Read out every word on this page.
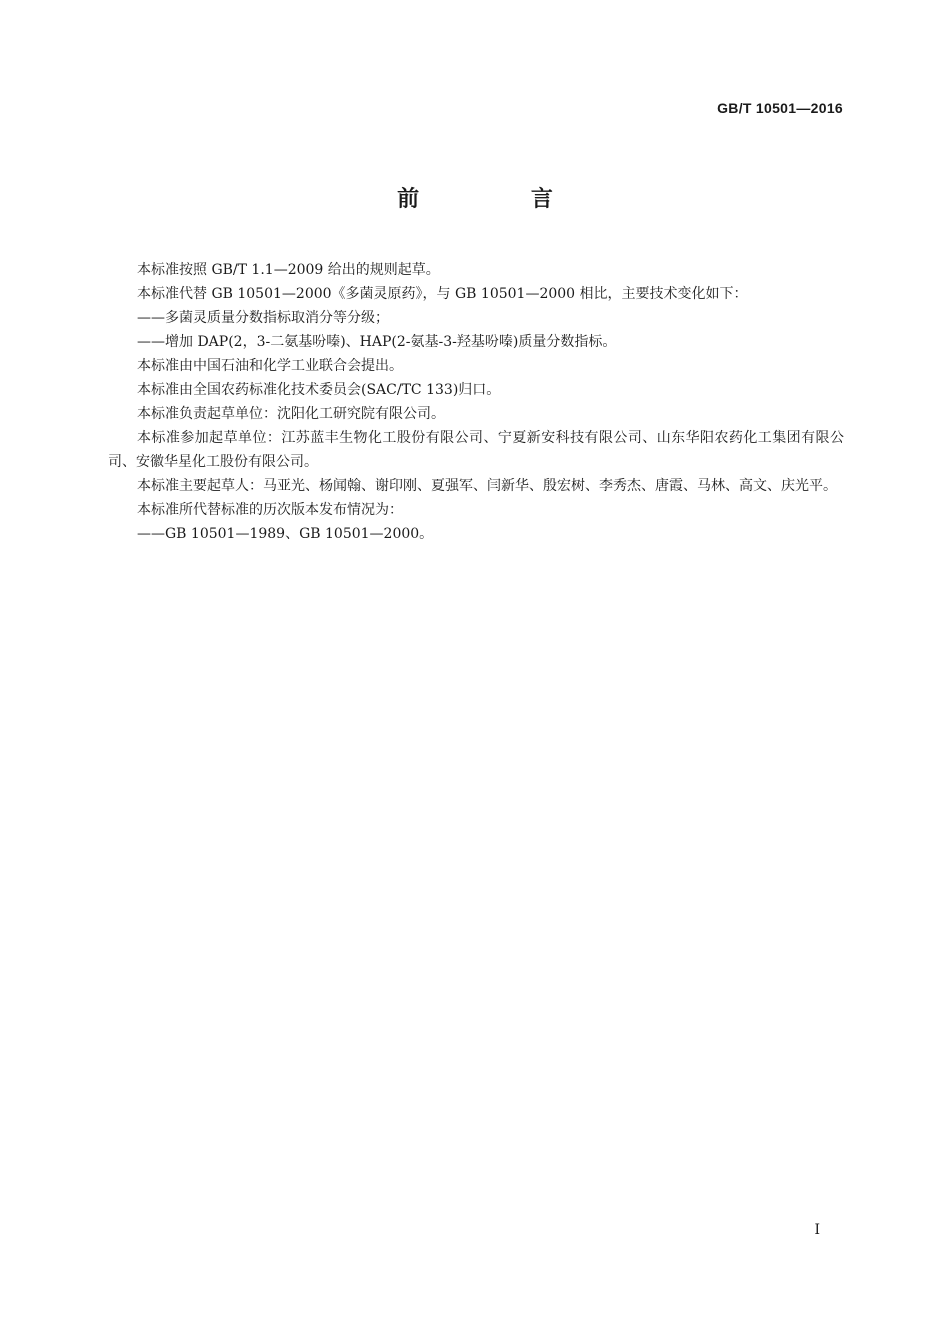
GB/T 10501—2016
前 言

本标准按照 GB/T 1.1—2009 给出的规则起草。

本标准代替 GB 10501—2000《多菌灵原药》，与 GB 10501—2000 相比，主要技术变化如下：

——多菌灵质量分数指标取消分等分级；

——增加 DAP(2，3-二氨基吩嗪)、HAP(2-氨基-3-羟基吩嗪)质量分数指标。

本标准由中国石油和化学工业联合会提出。

本标准由全国农药标准化技术委员会(SAC/TC 133)归口。

本标准负责起草单位：沈阳化工研究院有限公司。

本标准参加起草单位：江苏蓝丰生物化工股份有限公司、宁夏新安科技有限公司、山东华阳农药化工集团有限公司、安徽华星化工股份有限公司。

本标准主要起草人：马亚光、杨闻翰、谢印刚、夏强军、闫新华、殷宏树、李秀杰、唐霞、马林、高文、庆光平。

本标准所代替标准的历次版本发布情况为：

——GB 10501—1989、GB 10501—2000。

I
